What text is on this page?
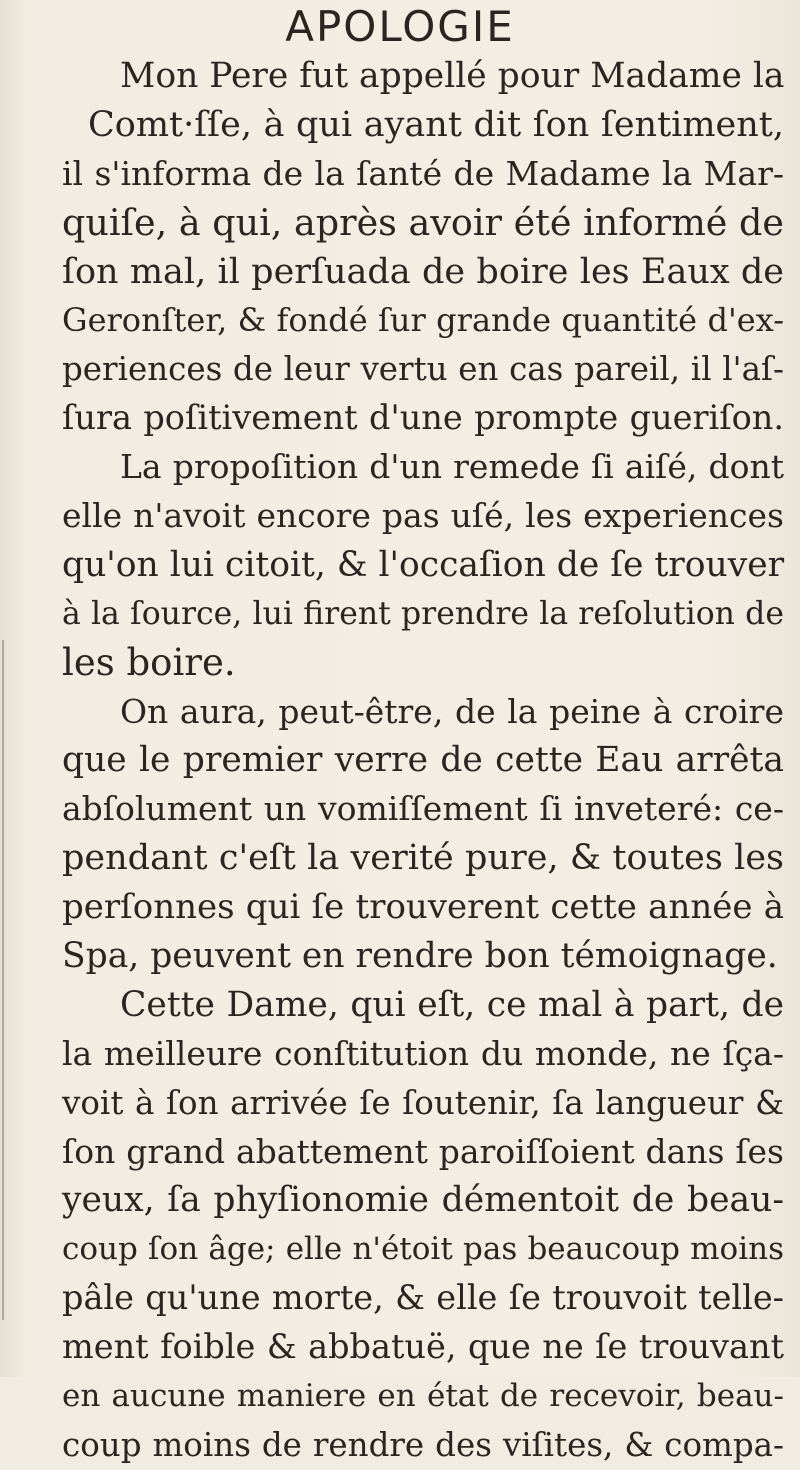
APOLOGIE
Mon Pere fut appellé pour Madame la
Comt·ſſe, à qui ayant dit ſon ſentiment,
il s'informa de la ſanté de Madame la Mar-
quiſe, à qui, après avoir été informé de
ſon mal, il perſuada de boire les Eaux de
Geronſter, & fondé ſur grande quantité d'ex-
periences de leur vertu en cas pareil, il l'aſ-
ſura poſitivement d'une prompte gueriſon.
La propoſition d'un remede ſi aiſé, dont
elle n'avoit encore pas uſé, les experiences
qu'on lui citoit, & l'occaſion de ſe trouver
à la ſource, lui firent prendre la reſolution de
les boire.
On aura, peut-être, de la peine à croire
que le premier verre de cette Eau arrêta
abſolument un vomiſſement ſi inveteré: ce-
pendant c'eſt la verité pure, & toutes les
perſonnes qui ſe trouverent cette année à
Spa, peuvent en rendre bon témoignage.
Cette Dame, qui eſt, ce mal à part, de
la meilleure conſtitution du monde, ne ſça-
voit à ſon arrivée ſe ſoutenir, ſa langueur &
ſon grand abattement paroiſſoient dans ſes
yeux, ſa phyſionomie démentoit de beau-
coup ſon âge; elle n'étoit pas beaucoup moins
pâle qu'une morte, & elle ſe trouvoit telle-
ment foible & abbatuë, que ne ſe trouvant
en aucune maniere en état de recevoir, beau-
coup moins de rendre des viſites, & compa-
